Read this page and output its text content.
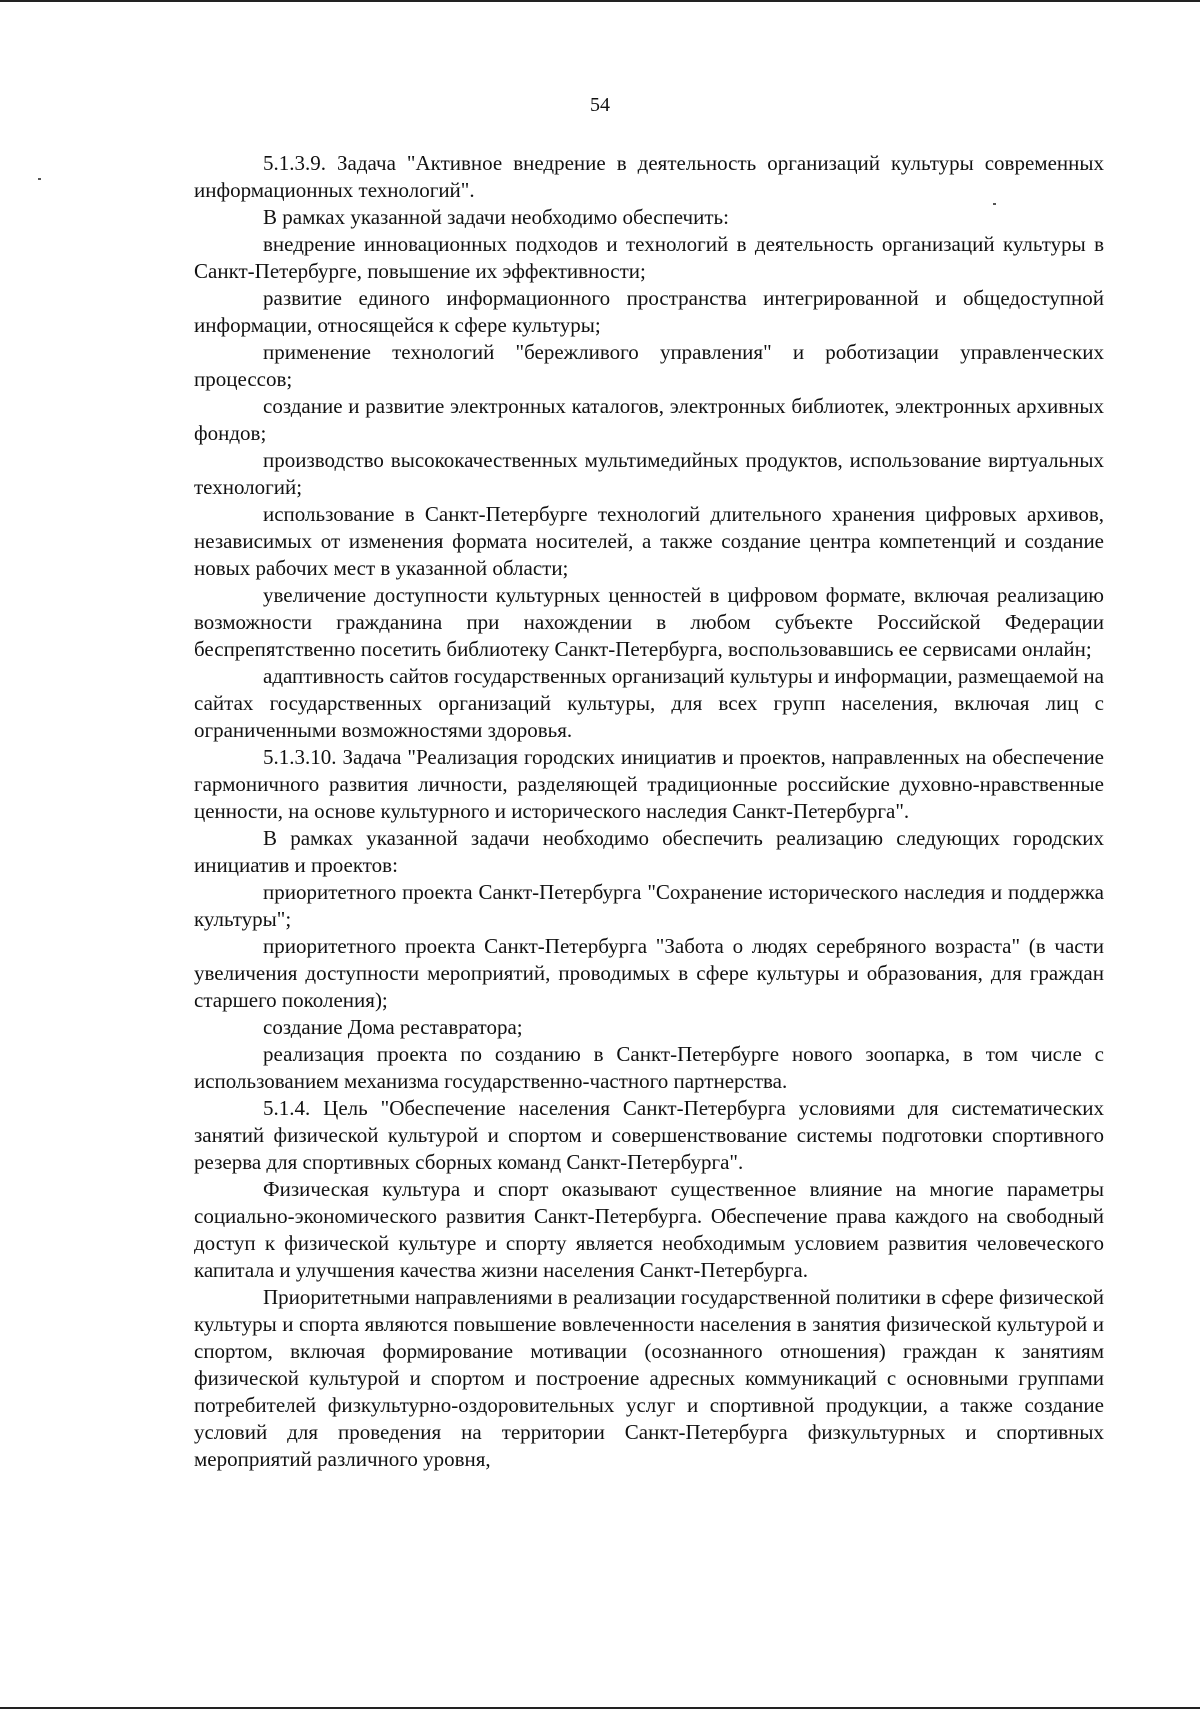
54

5.1.3.9. Задача "Активное внедрение в деятельность организаций культуры современных информационных технологий".

В рамках указанной задачи необходимо обеспечить:

внедрение инновационных подходов и технологий в деятельность организаций культуры в Санкт-Петербурге, повышение их эффективности;

развитие единого информационного пространства интегрированной и общедоступной информации, относящейся к сфере культуры;

применение технологий "бережливого управления" и роботизации управленческих процессов;

создание и развитие электронных каталогов, электронных библиотек, электронных архивных фондов;

производство высококачественных мультимедийных продуктов, использование виртуальных технологий;

использование в Санкт-Петербурге технологий длительного хранения цифровых архивов, независимых от изменения формата носителей, а также создание центра компетенций и создание новых рабочих мест в указанной области;

увеличение доступности культурных ценностей в цифровом формате, включая реализацию возможности гражданина при нахождении в любом субъекте Российской Федерации беспрепятственно посетить библиотеку Санкт-Петербурга, воспользовавшись ее сервисами онлайн;

адаптивность сайтов государственных организаций культуры и информации, размещаемой на сайтах государственных организаций культуры, для всех групп населения, включая лиц с ограниченными возможностями здоровья.

5.1.3.10. Задача "Реализация городских инициатив и проектов, направленных на обеспечение гармоничного развития личности, разделяющей традиционные российские духовно-нравственные ценности, на основе культурного и исторического наследия Санкт-Петербурга".

В рамках указанной задачи необходимо обеспечить реализацию следующих городских инициатив и проектов:

приоритетного проекта Санкт-Петербурга "Сохранение исторического наследия и поддержка культуры";

приоритетного проекта Санкт-Петербурга "Забота о людях серебряного возраста" (в части увеличения доступности мероприятий, проводимых в сфере культуры и образования, для граждан старшего поколения);

создание Дома реставратора;

реализация проекта по созданию в Санкт-Петербурге нового зоопарка, в том числе с использованием механизма государственно-частного партнерства.

5.1.4. Цель "Обеспечение населения Санкт-Петербурга условиями для систематических занятий физической культурой и спортом и совершенствование системы подготовки спортивного резерва для спортивных сборных команд Санкт-Петербурга".

Физическая культура и спорт оказывают существенное влияние на многие параметры социально-экономического развития Санкт-Петербурга. Обеспечение права каждого на свободный доступ к физической культуре и спорту является необходимым условием развития человеческого капитала и улучшения качества жизни населения Санкт-Петербурга.

Приоритетными направлениями в реализации государственной политики в сфере физической культуры и спорта являются повышение вовлеченности населения в занятия физической культурой и спортом, включая формирование мотивации (осознанного отношения) граждан к занятиям физической культурой и спортом и построение адресных коммуникаций с основными группами потребителей физкультурно-оздоровительных услуг и спортивной продукции, а также создание условий для проведения на территории Санкт-Петербурга физкультурных и спортивных мероприятий различного уровня,
